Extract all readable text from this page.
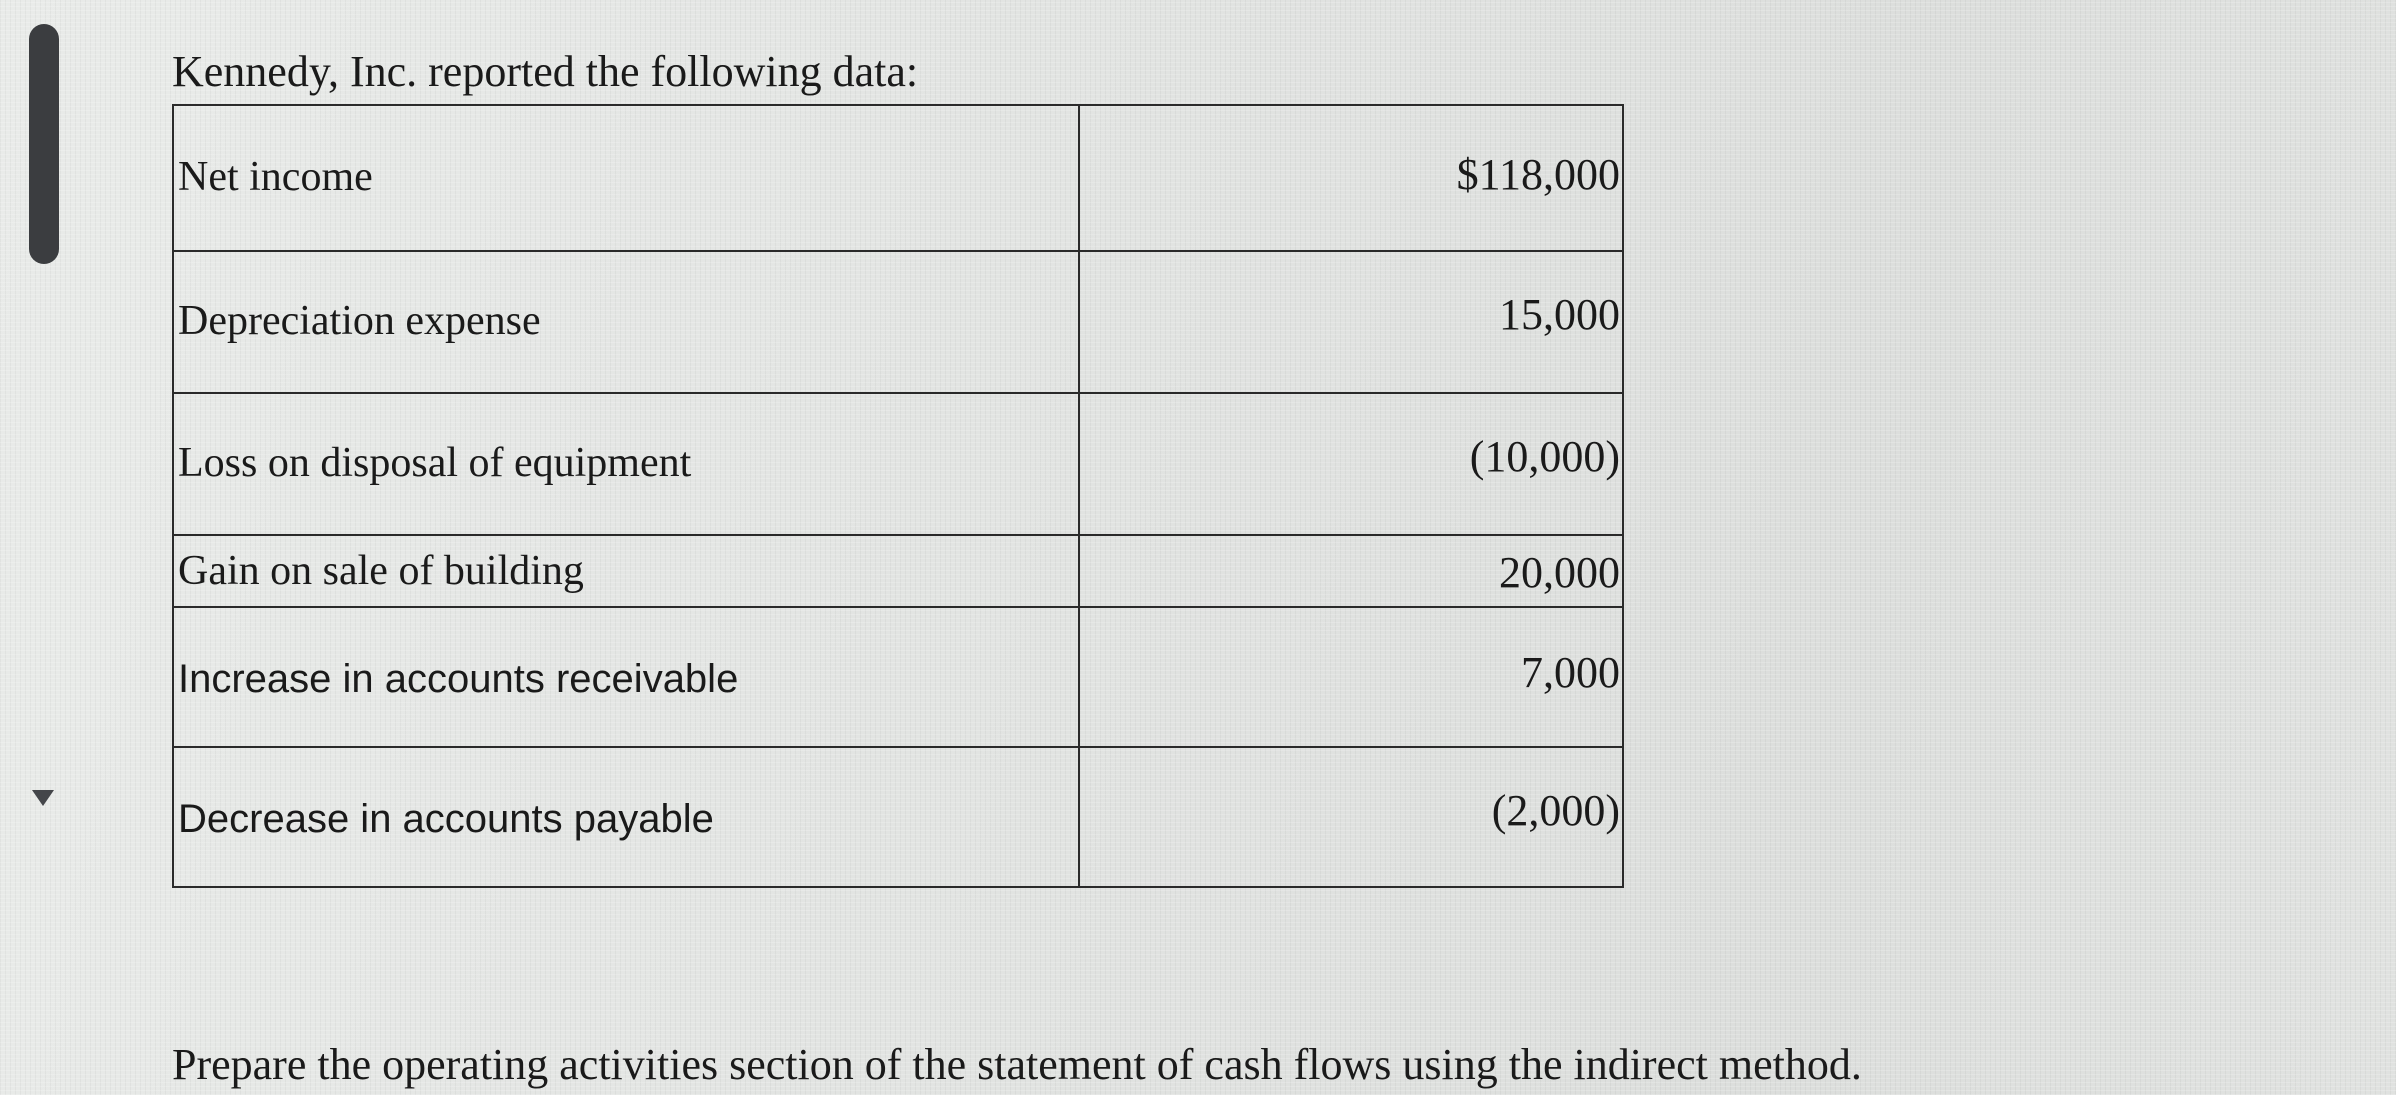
Kennedy, Inc. reported the following data:
Net income	$118,000
Depreciation expense	15,000
Loss on disposal of equipment	(10,000)
Gain on sale of building	20,000
Increase in accounts receivable	7,000
Decrease in accounts payable	(2,000)
Prepare the operating activities section of the statement of cash flows using the indirect method.
